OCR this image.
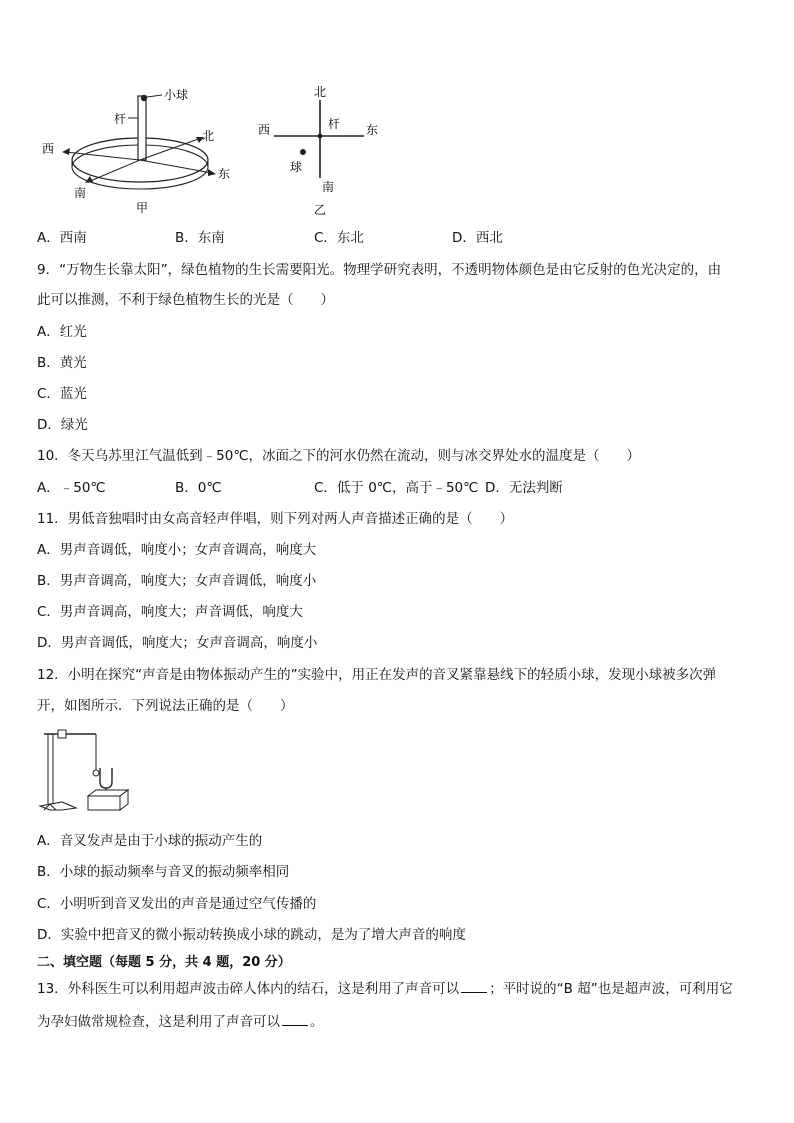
小球
杆
西
北
南
东
甲
北
西	杆 东
球
南
乙
A．西南	B．东南	C．东北	D．西北
9．“万物生长靠太阳”，绿色植物的生长需要阳光。物理学研究表明，不透明物体颜色是由它反射的色光决定的，由
此可以推测，不利于绿色植物生长的光是（　　）
A．红光
B．黄光
C．蓝光
D．绿光
10．冬天乌苏里江气温低到﹣50℃，冰面之下的河水仍然在流动，则与冰交界处水的温度是（　　）
A．﹣50℃	B．0℃	C．低于 0℃，高于﹣50℃ D．无法判断
11．男低音独唱时由女高音轻声伴唱，则下列对两人声音描述正确的是（　　）
A．男声音调低，响度小；女声音调高，响度大
B．男声音调高，响度大；女声音调低，响度小
C．男声音调高，响度大；声音调低，响度大
D．男声音调低，响度大；女声音调高，响度小
12．小明在探究“声音是由物体振动产生的”实验中，用正在发声的音叉紧靠悬线下的轻质小球，发现小球被多次弹
开，如图所示．下列说法正确的是（　　）
A．音叉发声是由于小球的振动产生的
B．小球的振动频率与音叉的振动频率相同
C．小明听到音叉发出的声音是通过空气传播的
D．实验中把音叉的微小振动转换成小球的跳动，是为了增大声音的响度
二、填空题（每题 5 分，共 4 题，20 分）
13．外科医生可以利用超声波击碎人体内的结石，这是利用了声音可以 ；平时说的“B 超”也是超声波，可利用它
为孕妇做常规检查，这是利用了声音可以 。
